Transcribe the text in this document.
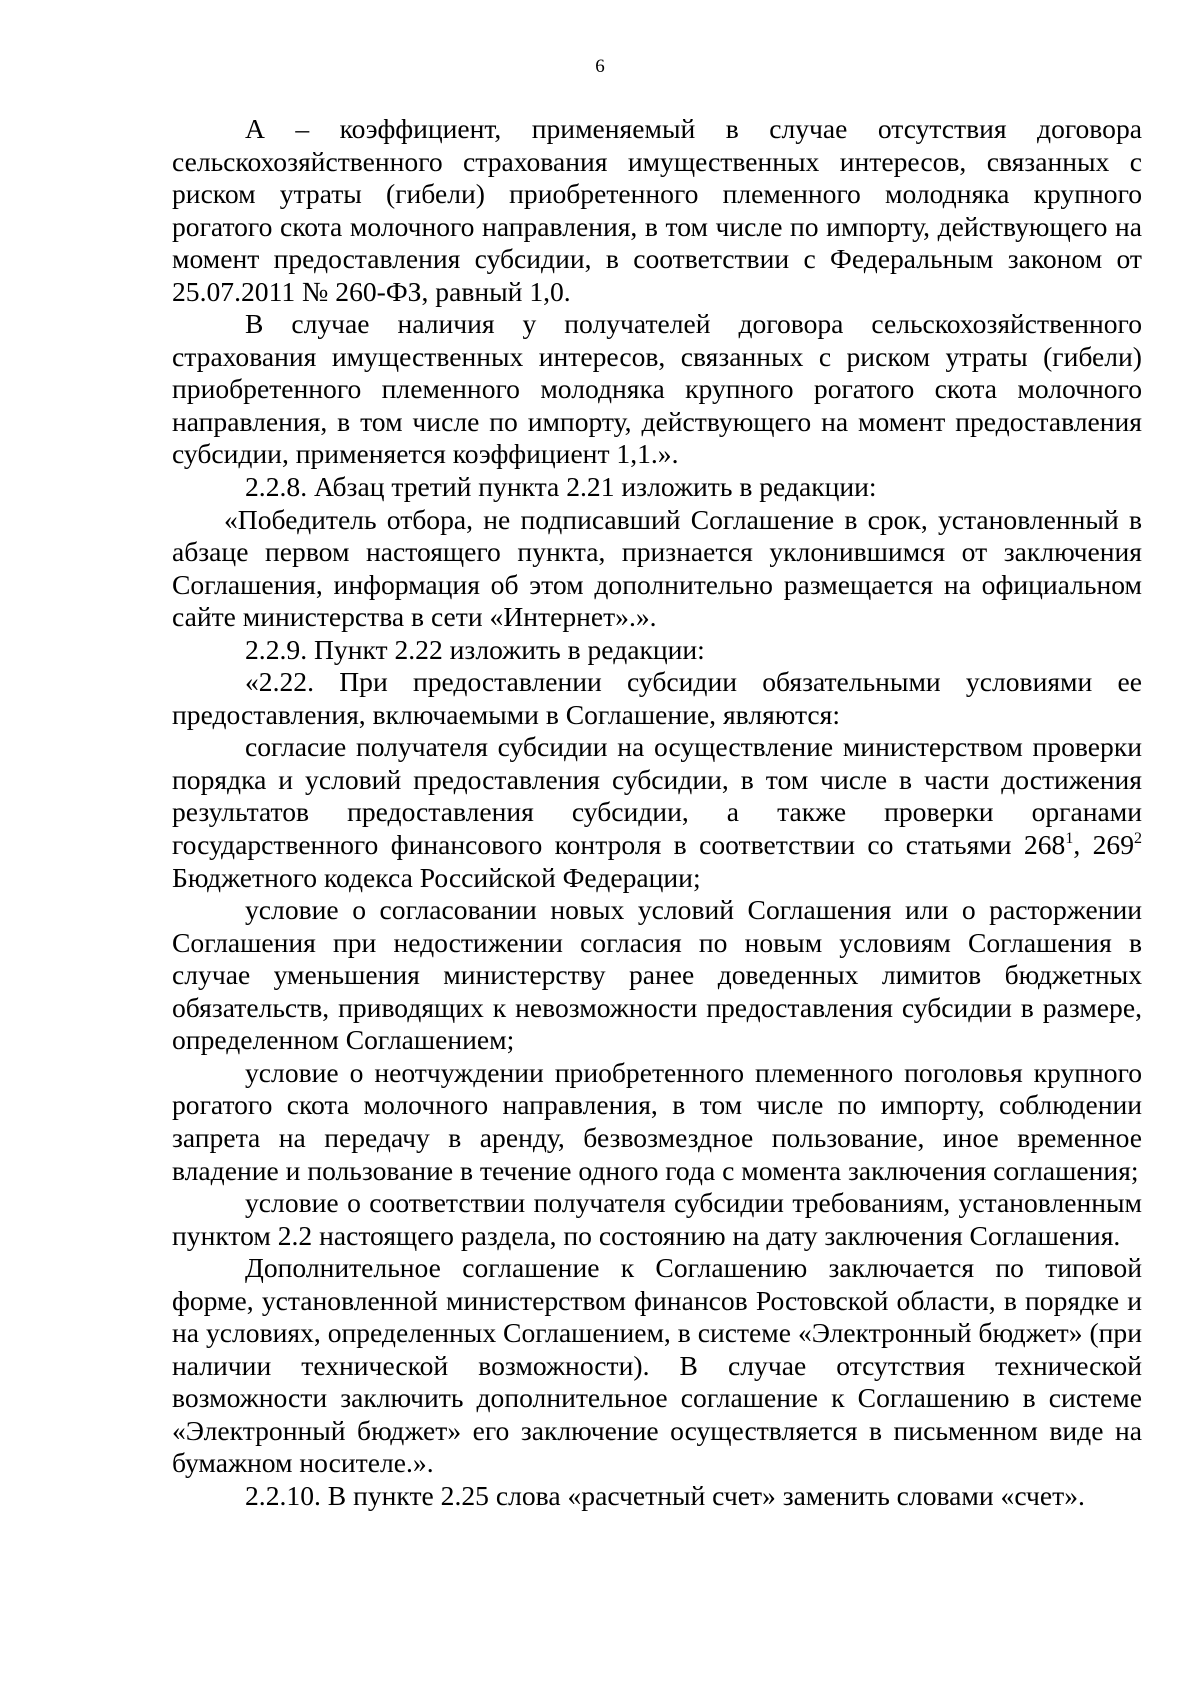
6

А – коэффициент, применяемый в случае отсутствия договора сельскохозяйственного страхования имущественных интересов, связанных с риском утраты (гибели) приобретенного племенного молодняка крупного рогатого скота молочного направления, в том числе по импорту, действующего на момент предоставления субсидии, в соответствии с Федеральным законом от 25.07.2011 № 260-ФЗ, равный 1,0.

В случае наличия у получателей договора сельскохозяйственного страхования имущественных интересов, связанных с риском утраты (гибели) приобретенного племенного молодняка крупного рогатого скота молочного направления, в том числе по импорту, действующего на момент предоставления субсидии, применяется коэффициент 1,1.».

2.2.8. Абзац третий пункта 2.21 изложить в редакции:

«Победитель отбора, не подписавший Соглашение в срок, установленный в абзаце первом настоящего пункта, признается уклонившимся от заключения Соглашения, информация об этом дополнительно размещается на официальном сайте министерства в сети «Интернет».».

2.2.9. Пункт 2.22 изложить в редакции:

«2.22. При предоставлении субсидии обязательными условиями ее предоставления, включаемыми в Соглашение, являются:

согласие получателя субсидии на осуществление министерством проверки порядка и условий предоставления субсидии, в том числе в части достижения результатов предоставления субсидии, а также проверки органами государственного финансового контроля в соответствии со статьями $268^1$, $269^2$ Бюджетного кодекса Российской Федерации;

условие о согласовании новых условий Соглашения или о расторжении Соглашения при недостижении согласия по новым условиям Соглашения в случае уменьшения министерству ранее доведенных лимитов бюджетных обязательств, приводящих к невозможности предоставления субсидии в размере, определенном Соглашением;

условие о неотчуждении приобретенного племенного поголовья крупного рогатого скота молочного направления, в том числе по импорту, соблюдении запрета на передачу в аренду, безвозмездное пользование, иное временное владение и пользование в течение одного года с момента заключения соглашения;

условие о соответствии получателя субсидии требованиям, установленным пунктом 2.2 настоящего раздела, по состоянию на дату заключения Соглашения.

Дополнительное соглашение к Соглашению заключается по типовой форме, установленной министерством финансов Ростовской области, в порядке и на условиях, определенных Соглашением, в системе «Электронный бюджет» (при наличии технической возможности). В случае отсутствия технической возможности заключить дополнительное соглашение к Соглашению в системе «Электронный бюджет» его заключение осуществляется в письменном виде на бумажном носителе.».

2.2.10. В пункте 2.25 слова «расчетный счет» заменить словами «счет».
